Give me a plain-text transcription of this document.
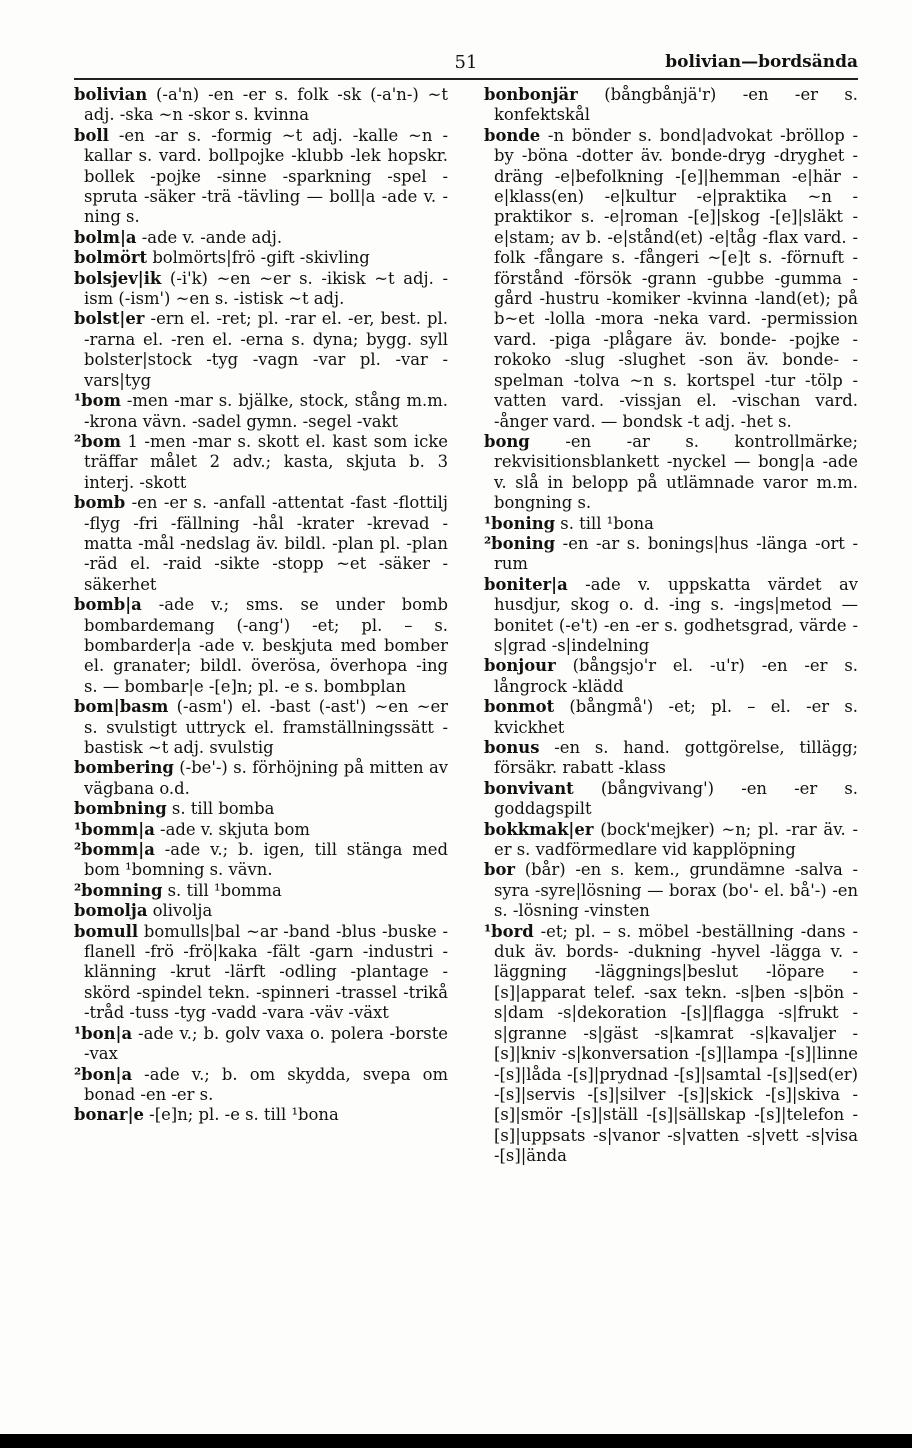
51	bolivian—bordsända

bolivian (-a'n) -en -er s. folk -sk (-a'n-) ~t adj. -ska ~n -skor s. kvinna

boll -en -ar s. -formig ~t adj. -kalle ~n -kallar s. vard. bollpojke -klubb -lek hopskr. bollek -pojke -sinne -sparkning -spel -spruta -säker -trä -tävling — boll|a -ade v. -ning s.

bolm|a -ade v. -ande adj.

bolmört bolmörts|frö -gift -skivling

bolsjev|ik (-i'k) ~en ~er s. -ikisk ~t adj. -ism (-ism') ~en s. -istisk ~t adj.

bolst|er -ern el. -ret; pl. -rar el. -er, best. pl. -rarna el. -ren el. -erna s. dyna; bygg. syll bolster|stock -tyg -vagn -var pl. -var -vars|tyg

¹bom -men -mar s. bjälke, stock, stång m.m. -krona vävn. -sadel gymn. -segel -vakt

²bom 1 -men -mar s. skott el. kast som icke träffar målet 2 adv.; kasta, skjuta b. 3 interj. -skott

bomb -en -er s. -anfall -attentat -fast -flottilj -flyg -fri -fällning -hål -krater -krevad -matta -mål -nedslag äv. bildl. -plan pl. -plan -räd el. -raid -sikte -stopp ~et -säker -säkerhet

bomb|a -ade v.; sms. se under bomb bombardemang (-ang') -et; pl. – s. bombarder|a -ade v. beskjuta med bomber el. granater; bildl. överösa, överhopa -ing s. — bombar|e -[e]n; pl. -e s. bombplan

bom|basm (-asm') el. -bast (-ast') ~en ~er s. svulstigt uttryck el. framställningssätt -bastisk ~t adj. svulstig

bombering (-be'-) s. förhöjning på mitten av vägbana o.d.

bombning s. till bomba

¹bomm|a -ade v. skjuta bom

²bomm|a -ade v.; b. igen, till stänga med bom ¹bomning s. vävn.

²bomning s. till ¹bomma

bomolja olivolja

bomull bomulls|bal ~ar -band -blus -buske -flanell -frö -frö|kaka -fält -garn -industri -klänning -krut -lärft -odling -plantage -skörd -spindel tekn. -spinneri -trassel -trikå -tråd -tuss -tyg -vadd -vara -väv -växt

¹bon|a -ade v.; b. golv vaxa o. polera -borste -vax

²bon|a -ade v.; b. om skydda, svepa om bonad -en -er s.

bonar|e -[e]n; pl. -e s. till ¹bona

bonbonjär (bångbånjä'r) -en -er s. konfektskål

bonde -n bönder s. bond|advokat -bröllop -by -böna -dotter äv. bonde-dryg -dryghet -dräng -e|befolkning -[e]|hemman -e|här -e|klass(en) -e|kultur -e|praktika ~n -praktikor s. -e|roman -[e]|skog -[e]|släkt -e|stam; av b. -e|stånd(et) -e|tåg -flax vard. -folk -fångare s. -fångeri ~[e]t s. -förnuft -förstånd -försök -grann -gubbe -gumma -gård -hustru -komiker -kvinna -land(et); på b~et -lolla -mora -neka vard. -permission vard. -piga -plågare äv. bonde- -pojke -rokoko -slug -slughet -son äv. bonde- -spelman -tolva ~n s. kortspel -tur -tölp -vatten vard. -vissjan el. -vischan vard. -ånger vard. — bondsk -t adj. -het s.

bong -en -ar s. kontrollmärke; rekvisitionsblankett -nyckel — bong|a -ade v. slå in belopp på utlämnade varor m.m. bongning s.

¹boning s. till ¹bona

²boning -en -ar s. bonings|hus -länga -ort -rum

boniter|a -ade v. uppskatta värdet av husdjur, skog o. d. -ing s. -ings|metod — bonitet (-e't) -en -er s. godhetsgrad, värde -s|grad -s|indelning

bonjour (bångsjo'r el. -u'r) -en -er s. långrock -klädd

bonmot (bångmå') -et; pl. – el. -er s. kvickhet

bonus -en s. hand. gottgörelse, tillägg; försäkr. rabatt -klass

bonvivant (bångvivang') -en -er s. goddagspilt

bokkmak|er (bock'mejker) ~n; pl. -rar äv. -er s. vadförmedlare vid kapplöpning

bor (bår) -en s. kem., grundämne -salva -syra -syre|lösning — borax (bo'- el. bå'-) -en s. -lösning -vinsten

¹bord -et; pl. – s. möbel -beställning -dans -duk äv. bords- -dukning -hyvel -lägga v. -läggning -läggnings|beslut -löpare -[s]|apparat telef. -sax tekn. -s|ben -s|bön -s|dam -s|dekoration -[s]|flagga -s|frukt -s|granne -s|gäst -s|kamrat -s|kavaljer -[s]|kniv -s|konversation -[s]|lampa -[s]|linne -[s]|låda -[s]|prydnad -[s]|samtal -[s]|sed(er) -[s]|servis -[s]|silver -[s]|skick -[s]|skiva -[s]|smör -[s]|ställ -[s]|sällskap -[s]|telefon -[s]|uppsats -s|vanor -s|vatten -s|vett -s|visa -[s]|ända
